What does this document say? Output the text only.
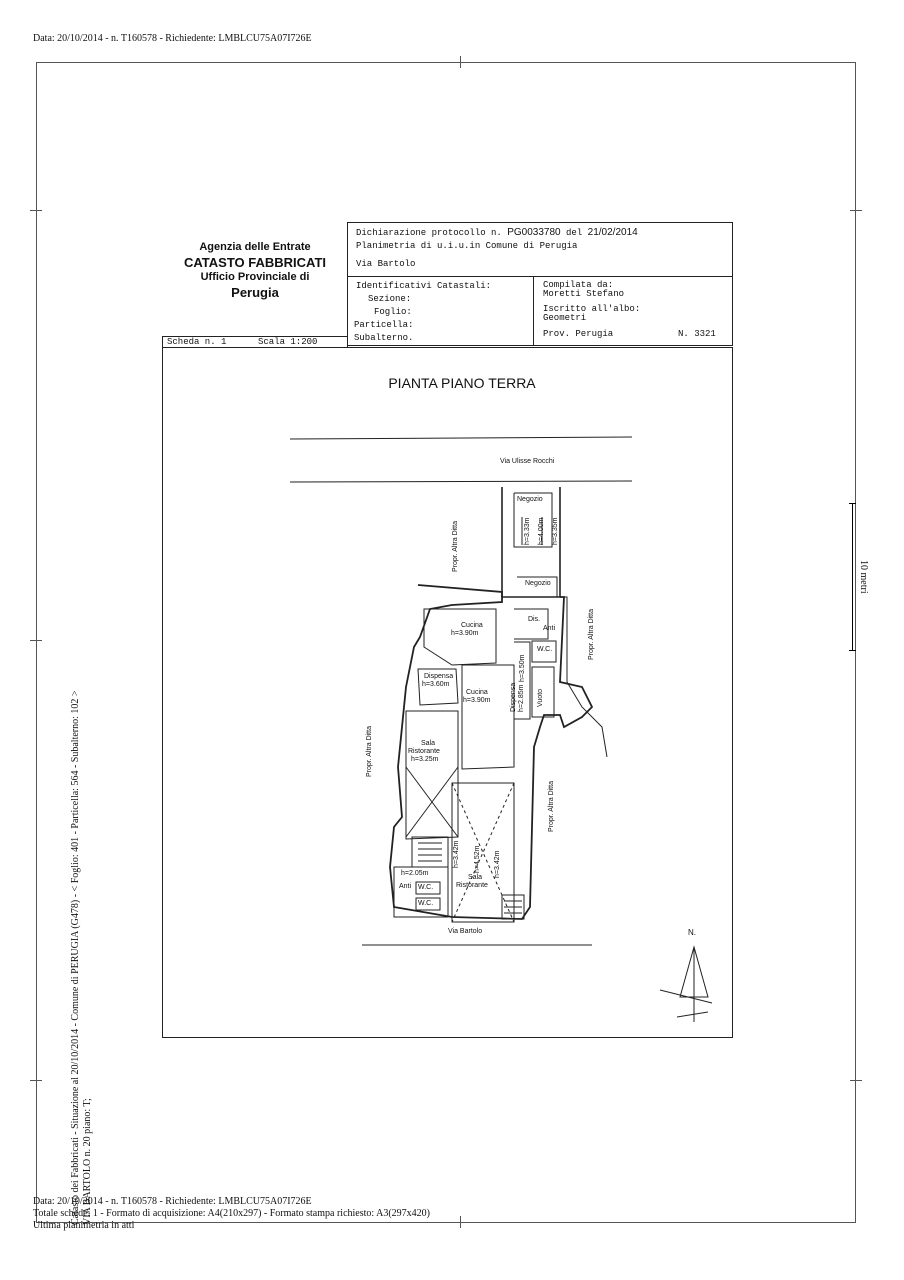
Data: 20/10/2014 - n. T160578 - Richiedente: LMBLCU75A07I726E
Agenzia delle Entrate
CATASTO FABBRICATI
Ufficio Provinciale di
Perugia
Dichiarazione protocollo n. PG0033780 del 21/02/2014
Planimetria di u.i.u.in Comune di Perugia
Via Bartolo
Identificativi Catastali:
Sezione:
Foglio:
Particella:
Subalterno.
Compilata da:
Moretti Stefano
Iscritto all'albo:
Geometri
Prov. Perugia	N. 3321
Scheda n. 1	Scala 1:200
PIANTA PIANO TERRA
Via Ulisse Rocchi
Via Bartolo	N.
Negozio
h=3.33m h=4.00m h=3.35m
Negozio
Propr. Altra Ditta
Propr. Altra Ditta
Propr. Altra Ditta
Propr. Altra Ditta
Cucina
h=3.90m
Dis.
Anti
W.C.
h=3.50m
Dispensa
h=3.60m
Cucina
h=3.90m	Dispensa h=2.85m Vuoto
Sala
Ristorante
h=3.25m
h=3.42m h=4.52m h=3.42m
h=2.05m
Anti W.C.
W.C.
Sala
Ristorante
10 metri
Catasto dei Fabbricati - Situazione al 20/10/2014 - Comune di PERUGIA (G478) - < Foglio: 401 - Particella: 564 - Subalterno: 102 > VIA BARTOLO n. 20 piano: T;
Data: 20/10/2014 - n. T160578 - Richiedente: LMBLCU75A07I726E
Totale schede: 1 - Formato di acquisizione: A4(210x297) - Formato stampa richiesto: A3(297x420)
Ultima planimetria in atti
